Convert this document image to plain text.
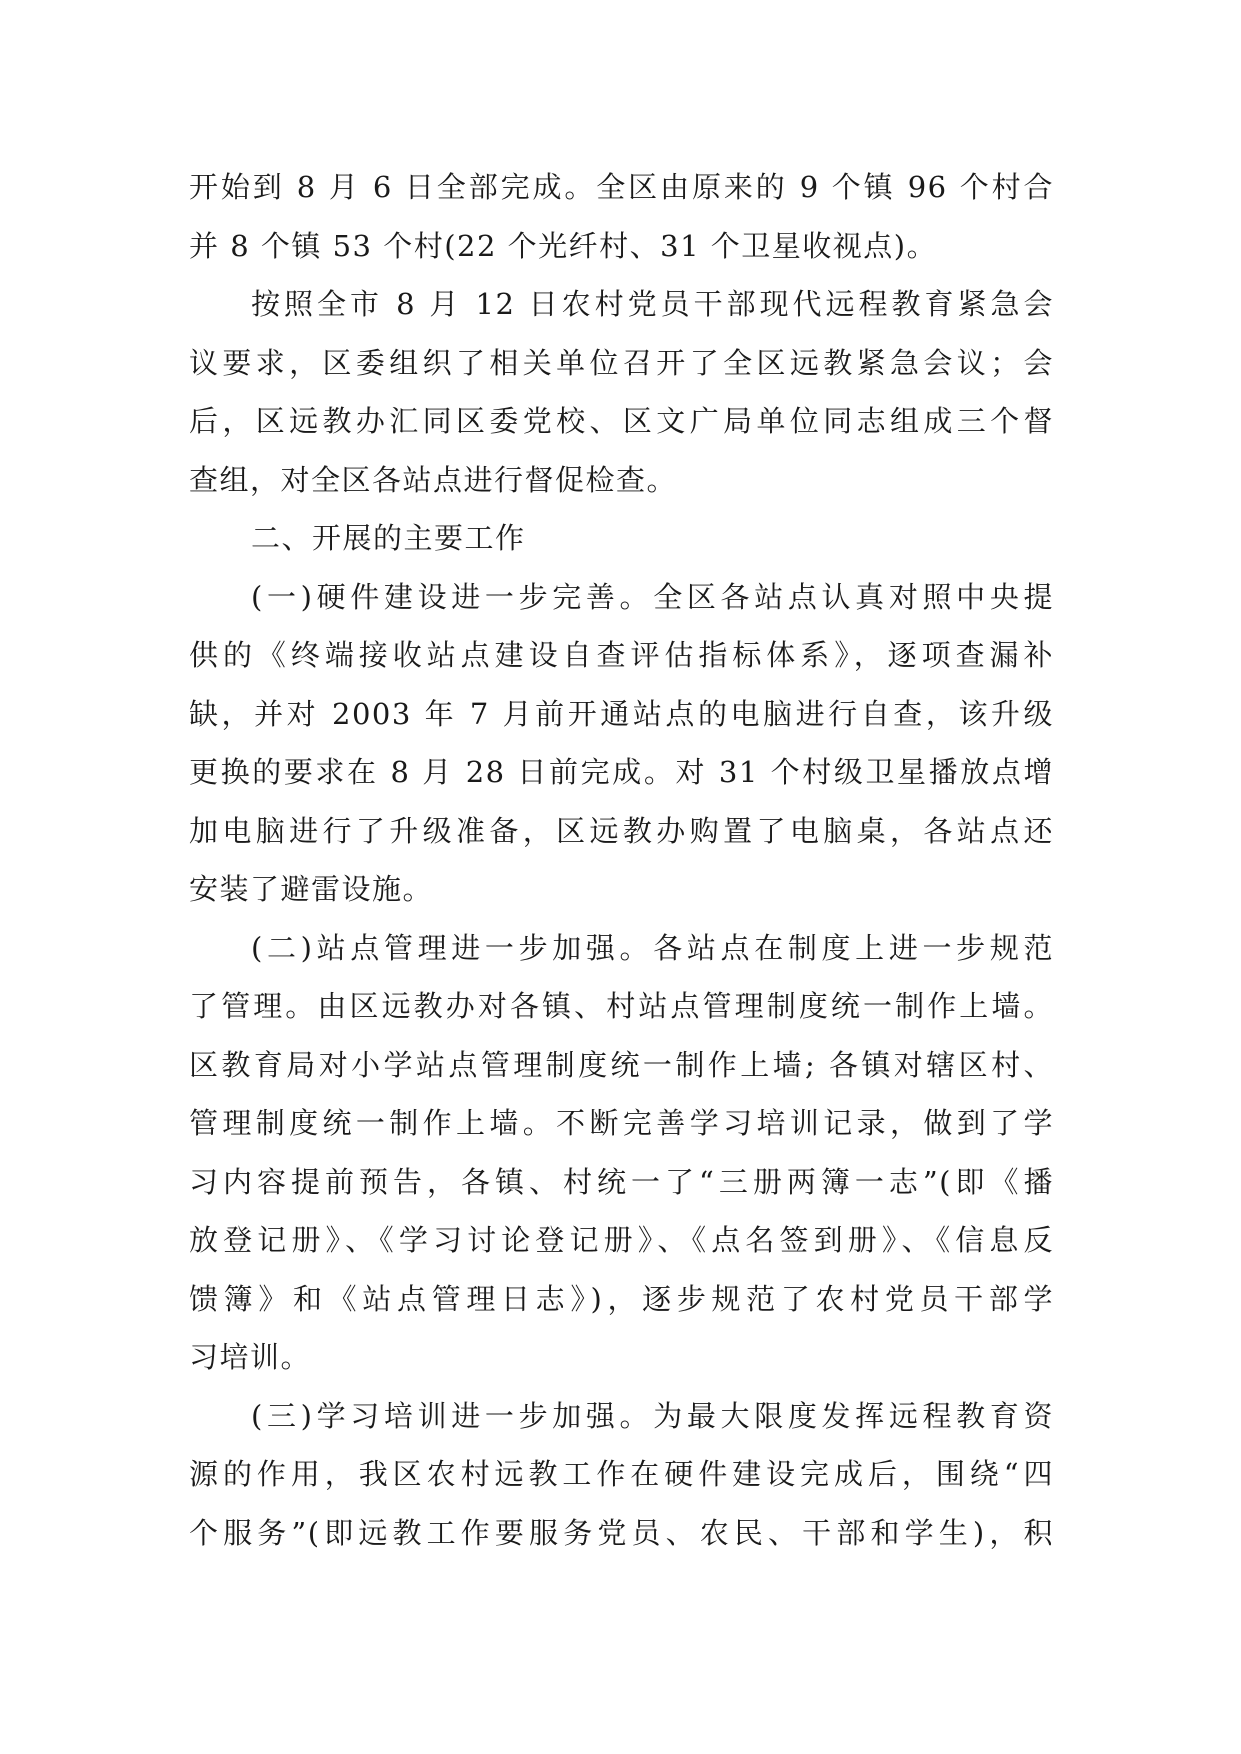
开始到 8 月 6 日全部完成。全区由原来的 9 个镇 96 个村合
并 8 个镇 53 个村(22 个光纤村、31 个卫星收视点)。
按照全市 8 月 12 日农村党员干部现代远程教育紧急会
议要求，区委组织了相关单位召开了全区远教紧急会议；会
后，区远教办汇同区委党校、区文广局单位同志组成三个督
查组，对全区各站点进行督促检查。
二、开展的主要工作
(一)硬件建设进一步完善。全区各站点认真对照中央提
供的《终端接收站点建设自查评估指标体系》，逐项查漏补
缺，并对 2003 年 7 月前开通站点的电脑进行自查，该升级
更换的要求在 8 月 28 日前完成。对 31 个村级卫星播放点增
加电脑进行了升级准备，区远教办购置了电脑桌，各站点还
安装了避雷设施。
(二)站点管理进一步加强。各站点在制度上进一步规范
了管理。由区远教办对各镇、村站点管理制度统一制作上墙。
区教育局对小学站点管理制度统一制作上墙; 各镇对辖区村、
管理制度统一制作上墙。不断完善学习培训记录，做到了学
习内容提前预告，各镇、村统一了“三册两簿一志”(即《播
放登记册》、《学习讨论登记册》、《点名签到册》、《信息反
馈簿》和《站点管理日志》)，逐步规范了农村党员干部学
习培训。
(三)学习培训进一步加强。为最大限度发挥远程教育资
源的作用，我区农村远教工作在硬件建设完成后，围绕“四
个服务”(即远教工作要服务党员、农民、干部和学生)，积
